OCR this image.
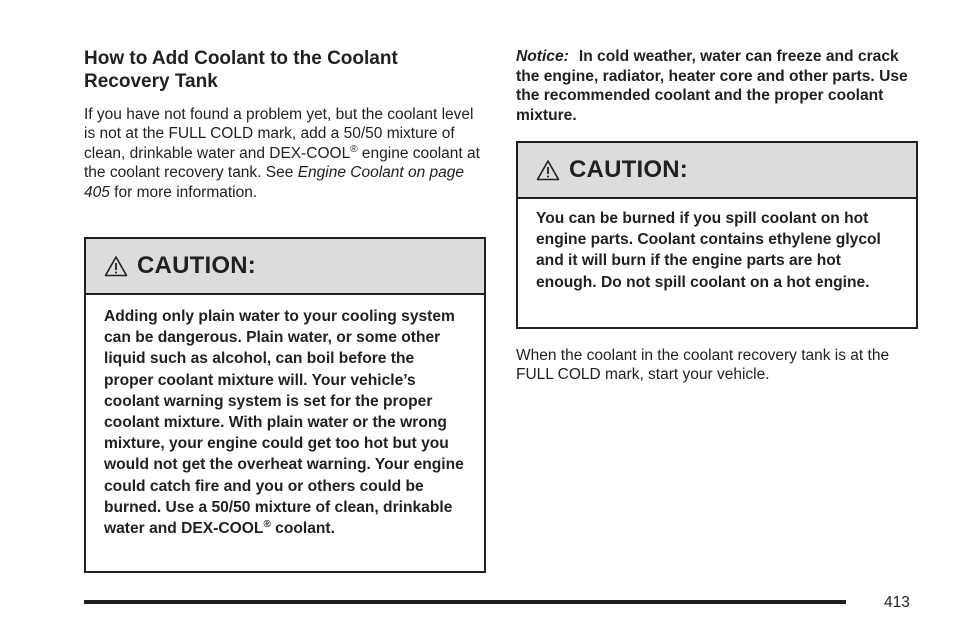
How to Add Coolant to the Coolant Recovery Tank

If you have not found a problem yet, but the coolant level is not at the FULL COLD mark, add a 50/50 mixture of clean, drinkable water and DEX-COOL® engine coolant at the coolant recovery tank. See Engine Coolant on page 405 for more information.

CAUTION:
Adding only plain water to your cooling system can be dangerous. Plain water, or some other liquid such as alcohol, can boil before the proper coolant mixture will. Your vehicle’s coolant warning system is set for the proper coolant mixture. With plain water or the wrong mixture, your engine could get too hot but you would not get the overheat warning. Your engine could catch fire and you or others could be burned. Use a 50/50 mixture of clean, drinkable water and DEX-COOL® coolant.

Notice: In cold weather, water can freeze and crack the engine, radiator, heater core and other parts. Use the recommended coolant and the proper coolant mixture.

CAUTION:
You can be burned if you spill coolant on hot engine parts. Coolant contains ethylene glycol and it will burn if the engine parts are hot enough. Do not spill coolant on a hot engine.

When the coolant in the coolant recovery tank is at the FULL COLD mark, start your vehicle.

413
